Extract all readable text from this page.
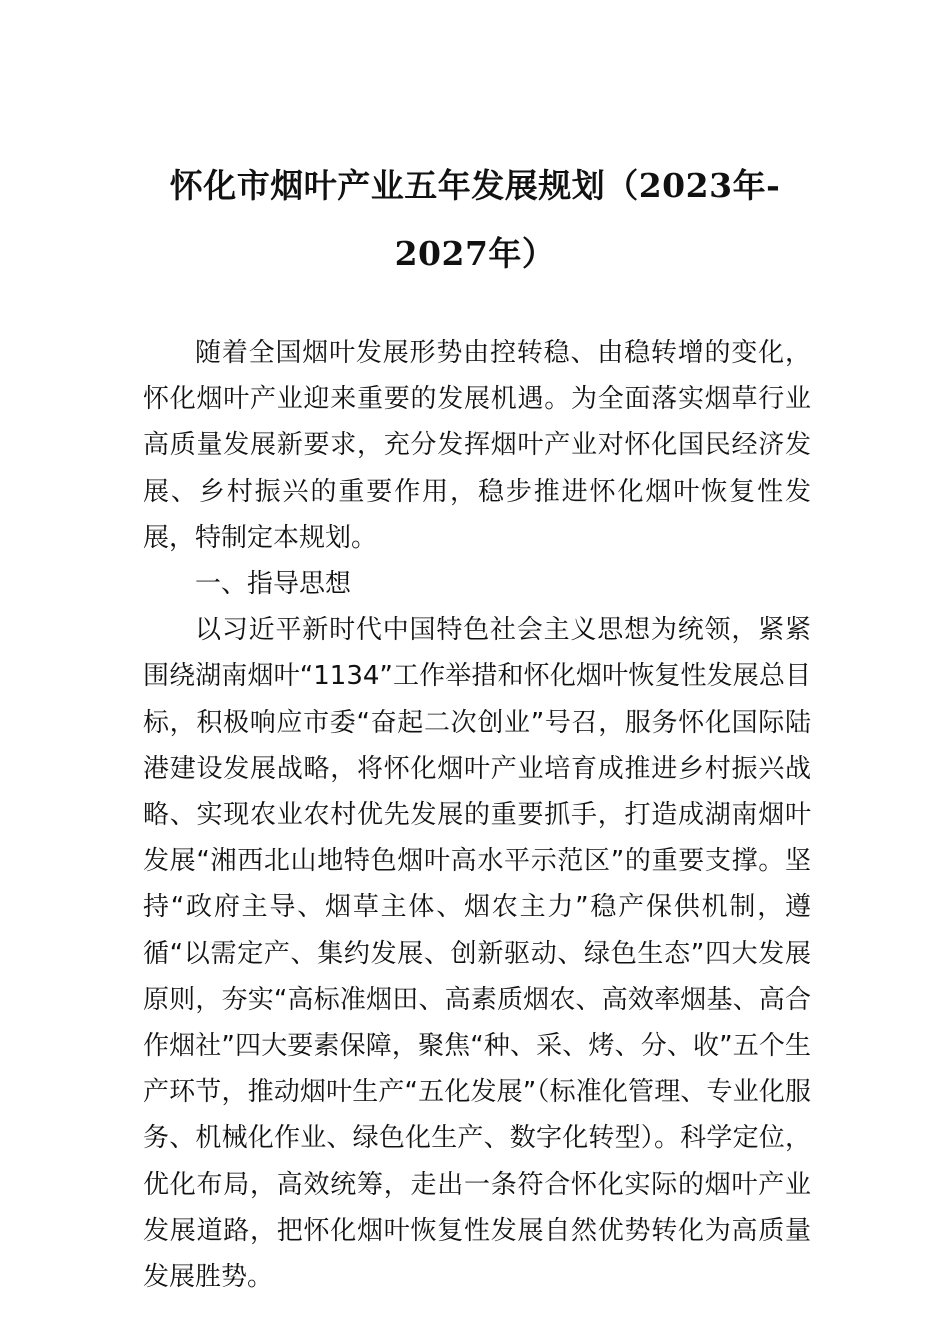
怀化市烟叶产业五年发展规划（2023年-
2027年）

随着全国烟叶发展形势由控转稳、由稳转增的变化，怀化烟叶产业迎来重要的发展机遇。为全面落实烟草行业高质量发展新要求，充分发挥烟叶产业对怀化国民经济发展、乡村振兴的重要作用，稳步推进怀化烟叶恢复性发展，特制定本规划。

一、指导思想

以习近平新时代中国特色社会主义思想为统领，紧紧围绕湖南烟叶“1134”工作举措和怀化烟叶恢复性发展总目标，积极响应市委“奋起二次创业”号召，服务怀化国际陆港建设发展战略，将怀化烟叶产业培育成推进乡村振兴战略、实现农业农村优先发展的重要抓手，打造成湖南烟叶发展“湘西北山地特色烟叶高水平示范区”的重要支撑。坚持“政府主导、烟草主体、烟农主力”稳产保供机制，遵循“以需定产、集约发展、创新驱动、绿色生态”四大发展原则，夯实“高标准烟田、高素质烟农、高效率烟基、高合作烟社”四大要素保障，聚焦“种、采、烤、分、收”五个生产环节，推动烟叶生产“五化发展”（标准化管理、专业化服务、机械化作业、绿色化生产、数字化转型）。科学定位，优化布局，高效统筹，走出一条符合怀化实际的烟叶产业发展道路，把怀化烟叶恢复性发展自然优势转化为高质量发展胜势。
